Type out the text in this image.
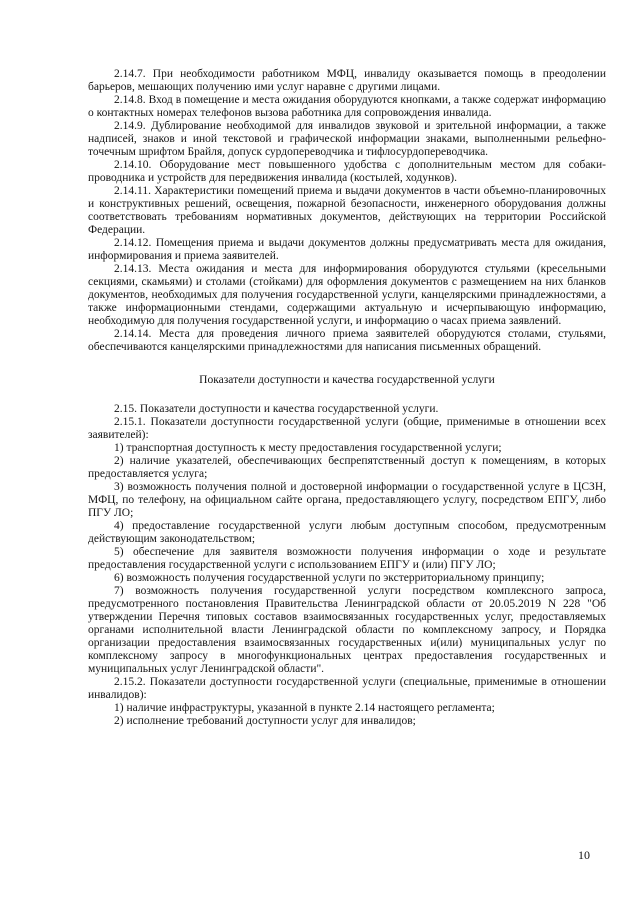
2.14.7. При необходимости работником МФЦ, инвалиду оказывается помощь в преодолении барьеров, мешающих получению ими услуг наравне с другими лицами.

2.14.8. Вход в помещение и места ожидания оборудуются кнопками, а также содержат информацию о контактных номерах телефонов вызова работника для сопровождения инвалида.

2.14.9. Дублирование необходимой для инвалидов звуковой и зрительной информации, а также надписей, знаков и иной текстовой и графической информации знаками, выполненными рельефно-точечным шрифтом Брайля, допуск сурдопереводчика и тифлосурдопереводчика.

2.14.10. Оборудование мест повышенного удобства с дополнительным местом для собаки-проводника и устройств для передвижения инвалида (костылей, ходунков).

2.14.11. Характеристики помещений приема и выдачи документов в части объемно-планировочных и конструктивных решений, освещения, пожарной безопасности, инженерного оборудования должны соответствовать требованиям нормативных документов, действующих на территории Российской Федерации.

2.14.12. Помещения приема и выдачи документов должны предусматривать места для ожидания, информирования и приема заявителей.

2.14.13. Места ожидания и места для информирования оборудуются стульями (кресельными секциями, скамьями) и столами (стойками) для оформления документов с размещением на них бланков документов, необходимых для получения государственной услуги, канцелярскими принадлежностями, а также информационными стендами, содержащими актуальную и исчерпывающую информацию, необходимую для получения государственной услуги, и информацию о часах приема заявлений.

2.14.14. Места для проведения личного приема заявителей оборудуются столами, стульями, обеспечиваются канцелярскими принадлежностями для написания письменных обращений.

Показатели доступности и качества государственной услуги

2.15. Показатели доступности и качества государственной услуги.

2.15.1. Показатели доступности государственной услуги (общие, применимые в отношении всех заявителей):

1) транспортная доступность к месту предоставления государственной услуги;

2) наличие указателей, обеспечивающих беспрепятственный доступ к помещениям, в которых предоставляется услуга;

3) возможность получения полной и достоверной информации о государственной услуге в ЦСЗН, МФЦ, по телефону, на официальном сайте органа, предоставляющего услугу, посредством ЕПГУ, либо ПГУ ЛО;

4) предоставление государственной услуги любым доступным способом, предусмотренным действующим законодательством;

5) обеспечение для заявителя возможности получения информации о ходе и результате предоставления государственной услуги с использованием ЕПГУ и (или) ПГУ ЛО;

6) возможность получения государственной услуги по экстерриториальному принципу;

7) возможность получения государственной услуги посредством комплексного запроса, предусмотренного постановления Правительства Ленинградской области от 20.05.2019 N 228 "Об утверждении Перечня типовых составов взаимосвязанных государственных услуг, предоставляемых органами исполнительной власти Ленинградской области по комплексному запросу, и Порядка организации предоставления взаимосвязанных государственных и(или) муниципальных услуг по комплексному запросу в многофункциональных центрах предоставления государственных и муниципальных услуг Ленинградской области".

2.15.2. Показатели доступности государственной услуги (специальные, применимые в отношении инвалидов):

1) наличие инфраструктуры, указанной в пункте 2.14 настоящего регламента;

2) исполнение требований доступности услуг для инвалидов;

10
